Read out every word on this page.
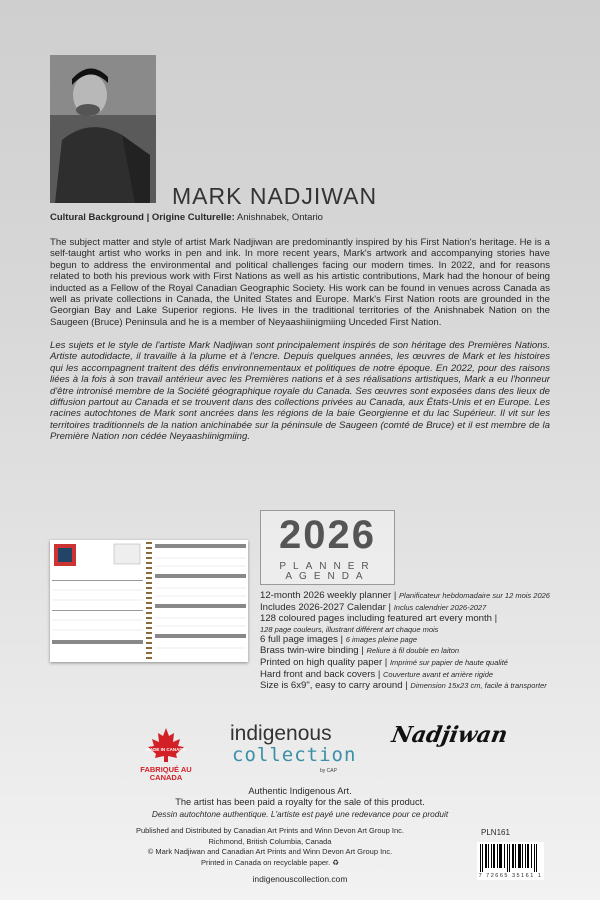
MARK NADJIWAN
Cultural Background | Origine Culturelle: Anishnabek, Ontario

The subject matter and style of artist Mark Nadjiwan are predominantly inspired by his First Nation's heritage. He is a self-taught artist who works in pen and ink. In more recent years, Mark's artwork and accompanying stories have begun to address the environmental and political challenges facing our modern times. In 2022, and for reasons related to both his previous work with First Nations as well as his artistic contributions, Mark had the honour of being inducted as a Fellow of the Royal Canadian Geographic Society. His work can be found in venues across Canada as well as private collections in Canada, the United States and Europe. Mark's First Nation roots are grounded in the Georgian Bay and Lake Superior regions. He lives in the traditional territories of the Anishnabek Nation on the Saugeen (Bruce) Peninsula and he is a member of Neyaashiinigmiing Unceded First Nation.

Les sujets et le style de l'artiste Mark Nadjiwan sont principalement inspirés de son héritage des Premières Nations. Artiste autodidacte, il travaille à la plume et à l'encre. Depuis quelques années, les œuvres de Mark et les histoires qui les accompagnent traitent des défis environnementaux et politiques de notre époque. En 2022, pour des raisons liées à la fois à son travail antérieur avec les Premières nations et à ses réalisations artistiques, Mark a eu l'honneur d'être intronisé membre de la Société géographique royale du Canada. Ses œuvres sont exposées dans des lieux de diffusion partout au Canada et se trouvent dans des collections privées au Canada, aux États-Unis et en Europe. Les racines autochtones de Mark sont ancrées dans les régions de la baie Georgienne et du lac Supérieur. Il vit sur les territoires traditionnels de la nation anichinabée sur la péninsule de Saugeen (comté de Bruce) et il est membre de la Première Nation non cédée Neyaashiinigmiing.

2026
PLANNER
AGENDA
12-month 2026 weekly planner | Planificateur hebdomadaire sur 12 mois 2026
Includes 2026-2027 Calendar | Inclus calendrier 2026-2027
128 coloured pages including featured art every month |
128 page couleurs, illustrant différent art chaque mois
6 full page images | 6 images pleine page
Brass twin-wire binding | Reliure à fil double en laiton
Printed on high quality paper | Imprimé sur papier de haute qualité
Hard front and back covers | Couverture avant et arrière rigide
Size is 6x9", easy to carry around | Dimension 15x23 cm, facile à transporter
MADE IN CANADA
FABRIQUÉ AU CANADA
indigenous
collection
by CAP
Nadjiwan

Authentic Indigenous Art.

The artist has been paid a royalty for the sale of this product.

Dessin autochtone authentique. L'artiste est payé une redevance pour ce produit

Published and Distributed by Canadian Art Prints and Winn Devon Art Group Inc.
Richmond, British Columbia, Canada
© Mark Nadjiwan and Canadian Art Prints and Winn Devon Art Group Inc.
Printed in Canada on recyclable paper. ♻

indigenouscollection.com

PLN161
7 72665 35161 1
